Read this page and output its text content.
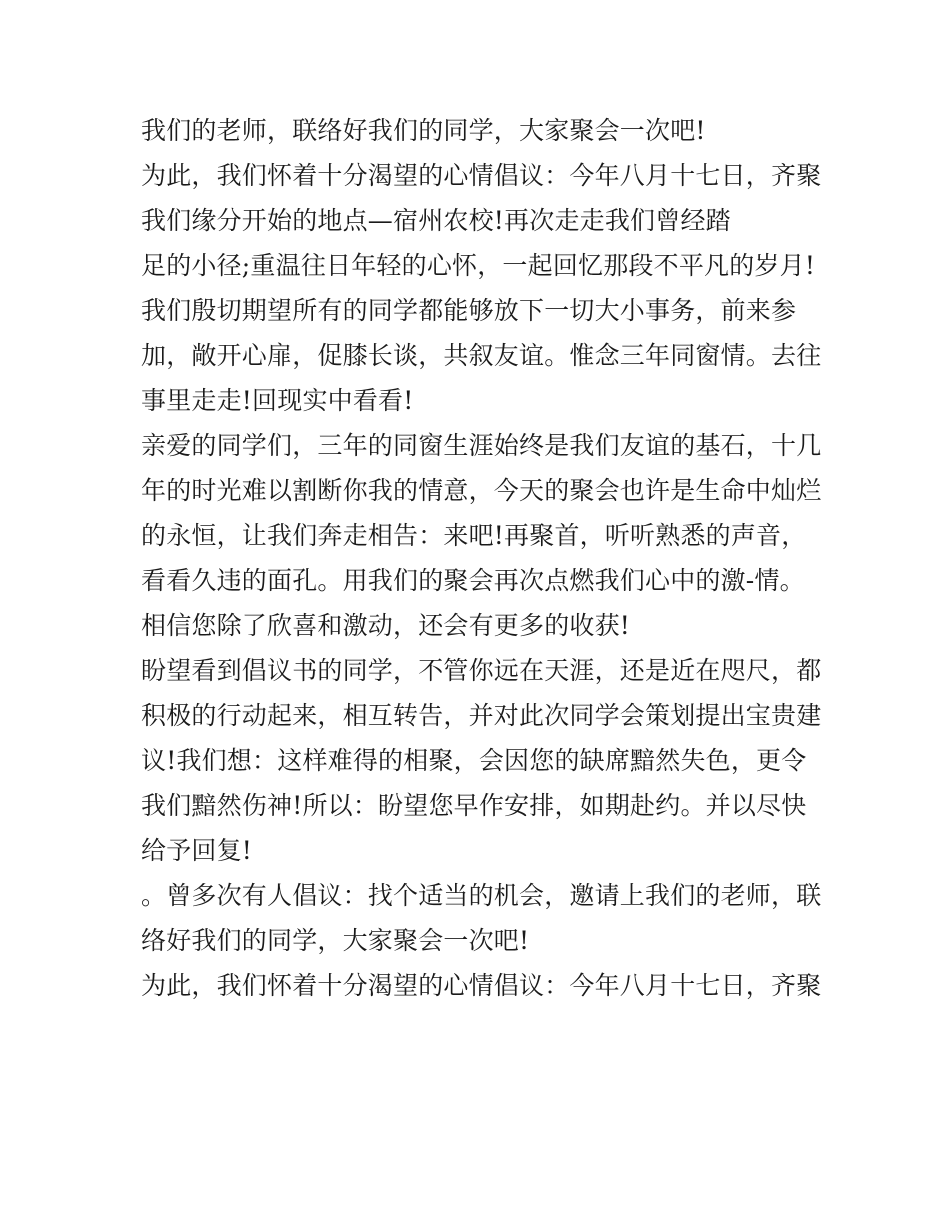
我们的老师，联络好我们的同学，大家聚会一次吧!
为此，我们怀着十分渴望的心情倡议：今年八月十七日，齐聚
我们缘分开始的地点—宿州农校!再次走走我们曾经踏
足的小径;重温往日年轻的心怀，一起回忆那段不平凡的岁月!
我们殷切期望所有的同学都能够放下一切大小事务，前来参
加，敞开心扉，促膝长谈，共叙友谊。惟念三年同窗情。去往
事里走走!回现实中看看!
亲爱的同学们，三年的同窗生涯始终是我们友谊的基石，十几
年的时光难以割断你我的情意，今天的聚会也许是生命中灿烂
的永恒，让我们奔走相告：来吧!再聚首，听听熟悉的声音，
看看久违的面孔。用我们的聚会再次点燃我们心中的激-情。
相信您除了欣喜和激动，还会有更多的收获!
盼望看到倡议书的同学，不管你远在天涯，还是近在咫尺，都
积极的行动起来，相互转告，并对此次同学会策划提出宝贵建
议!我们想：这样难得的相聚，会因您的缺席黯然失色，更令
我们黯然伤神!所以：盼望您早作安排，如期赴约。并以尽快
给予回复!
。曾多次有人倡议：找个适当的机会，邀请上我们的老师，联
络好我们的同学，大家聚会一次吧!
为此，我们怀着十分渴望的心情倡议：今年八月十七日，齐聚
